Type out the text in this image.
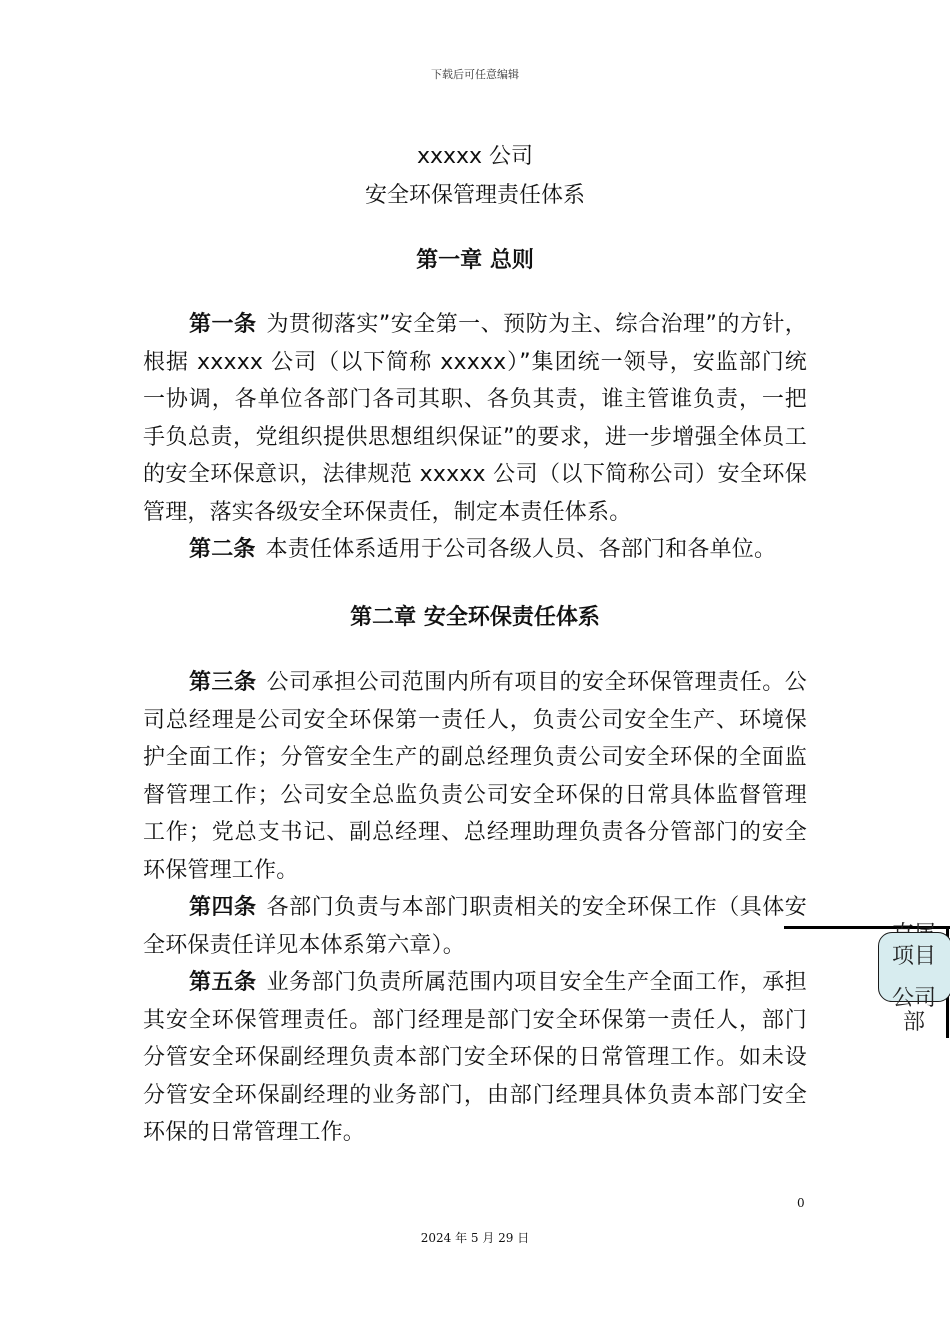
下载后可任意编辑
xxxxx 公司
安全环保管理责任体系
第一章 总则

第一条 为贯彻落实”安全第一、预防为主、综合治理”的方针，根据 xxxxx 公司（以下简称 xxxxx）”集团统一领导，安监部门统一协调，各单位各部门各司其职、各负其责，谁主管谁负责，一把手负总责，党组织提供思想组织保证”的要求，进一步增强全体员工的安全环保意识，法律规范 xxxxx 公司（以下简称公司）安全环保管理，落实各级安全环保责任，制定本责任体系。

第二条 本责任体系适用于公司各级人员、各部门和各单位。

第二章 安全环保责任体系

第三条 公司承担公司范围内所有项目的安全环保管理责任。公司总经理是公司安全环保第一责任人，负责公司安全生产、环境保护全面工作；分管安全生产的副总经理负责公司安全环保的全面监督管理工作；公司安全总监负责公司安全环保的日常具体监督管理工作；党总支书记、副总经理、总经理助理负责各分管部门的安全环保管理工作。

第四条 各部门负责与本部门职责相关的安全环保工作（具体安全环保责任详见本体系第六章）。

第五条 业务部门负责所属范围内项目安全生产全面工作，承担其安全环保管理责任。部门经理是部门安全环保第一责任人，部门分管安全环保副经理负责本部门安全环保的日常管理工作。如未设分管安全环保副经理的业务部门，由部门经理具体负责本部门安全环保的日常管理工作。

项目
公司
部
0
2024 年 5 月 29 日
